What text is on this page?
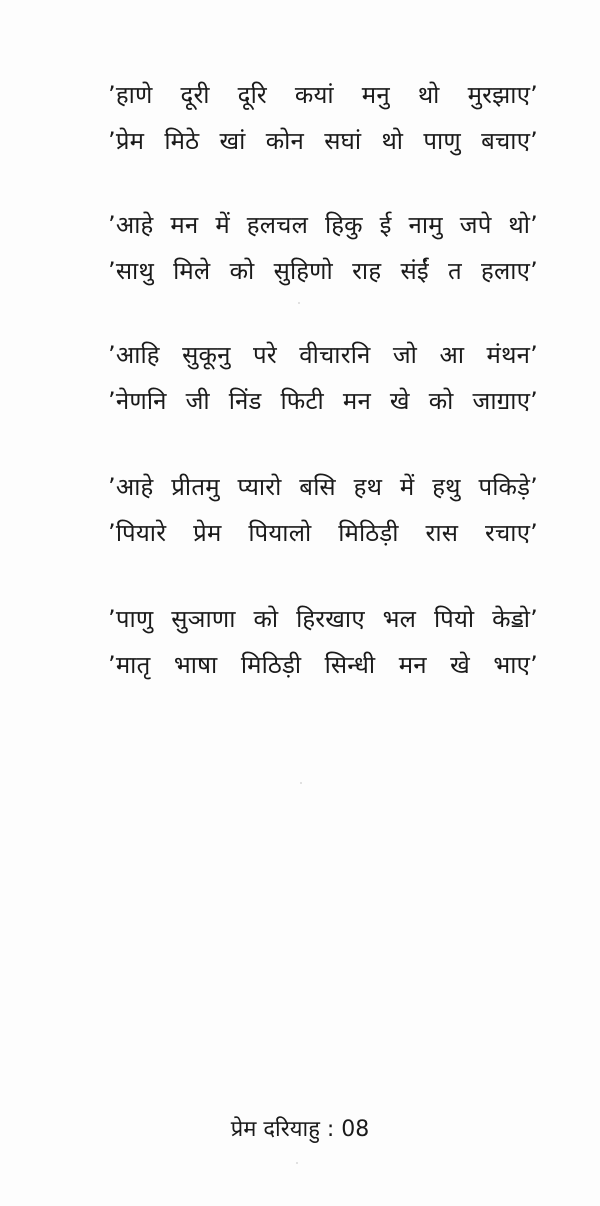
’हाणे दूरी दूरि कयां मनु थो मुरझाए’
’प्रेम मिठे खां कोन सघां थो पाणु बचाए’
’आहे मन में हलचल हिकु ई नामु जपे थो’
’साथु मिले को सुहिणो राह संईं त हलाए’
’आहि सुकूनु परे वीचारनि जो आ मंथन’
’नेणनि जी निंड फिटी मन खे को जाॻाए’
’आहे प्रीतमु प्यारो बसि हथ में हथु पकिड़े’
’पियारे प्रेम पियालो मिठिड़ी रास रचाए’
’पाणु सुञाणा को हिरखाए भल पियो केॾो’
’मातृ भाषा मिठिड़ी सिन्धी मन खे भाए’
प्रेम दरियाहु : 08
